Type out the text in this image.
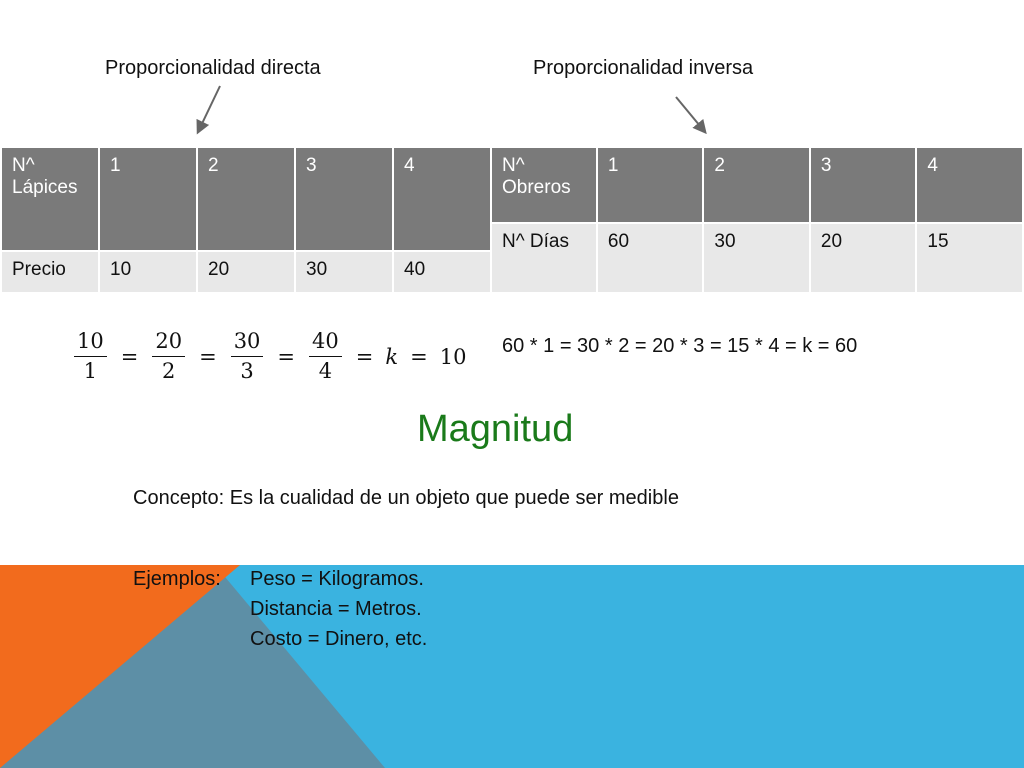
Proporcionalidad directa	Proporcionalidad inversa
N^ Lápices	1	2	3	4
Precio	10	20	30	40
N^ Obreros	1	2	3	4
N^ Días	60	30	20	15
$\frac{10}{1} = \frac{20}{2} = \frac{30}{3} = \frac{40}{4} = k = 10$ 60 * 1 = 30 * 2 = 20 * 3 = 15 * 4 = k = 60
Magnitud
Concepto: Es la cualidad de un objeto que puede ser medible
Ejemplos:	Peso = Kilogramos.
Distancia = Metros.
Costo = Dinero, etc.
